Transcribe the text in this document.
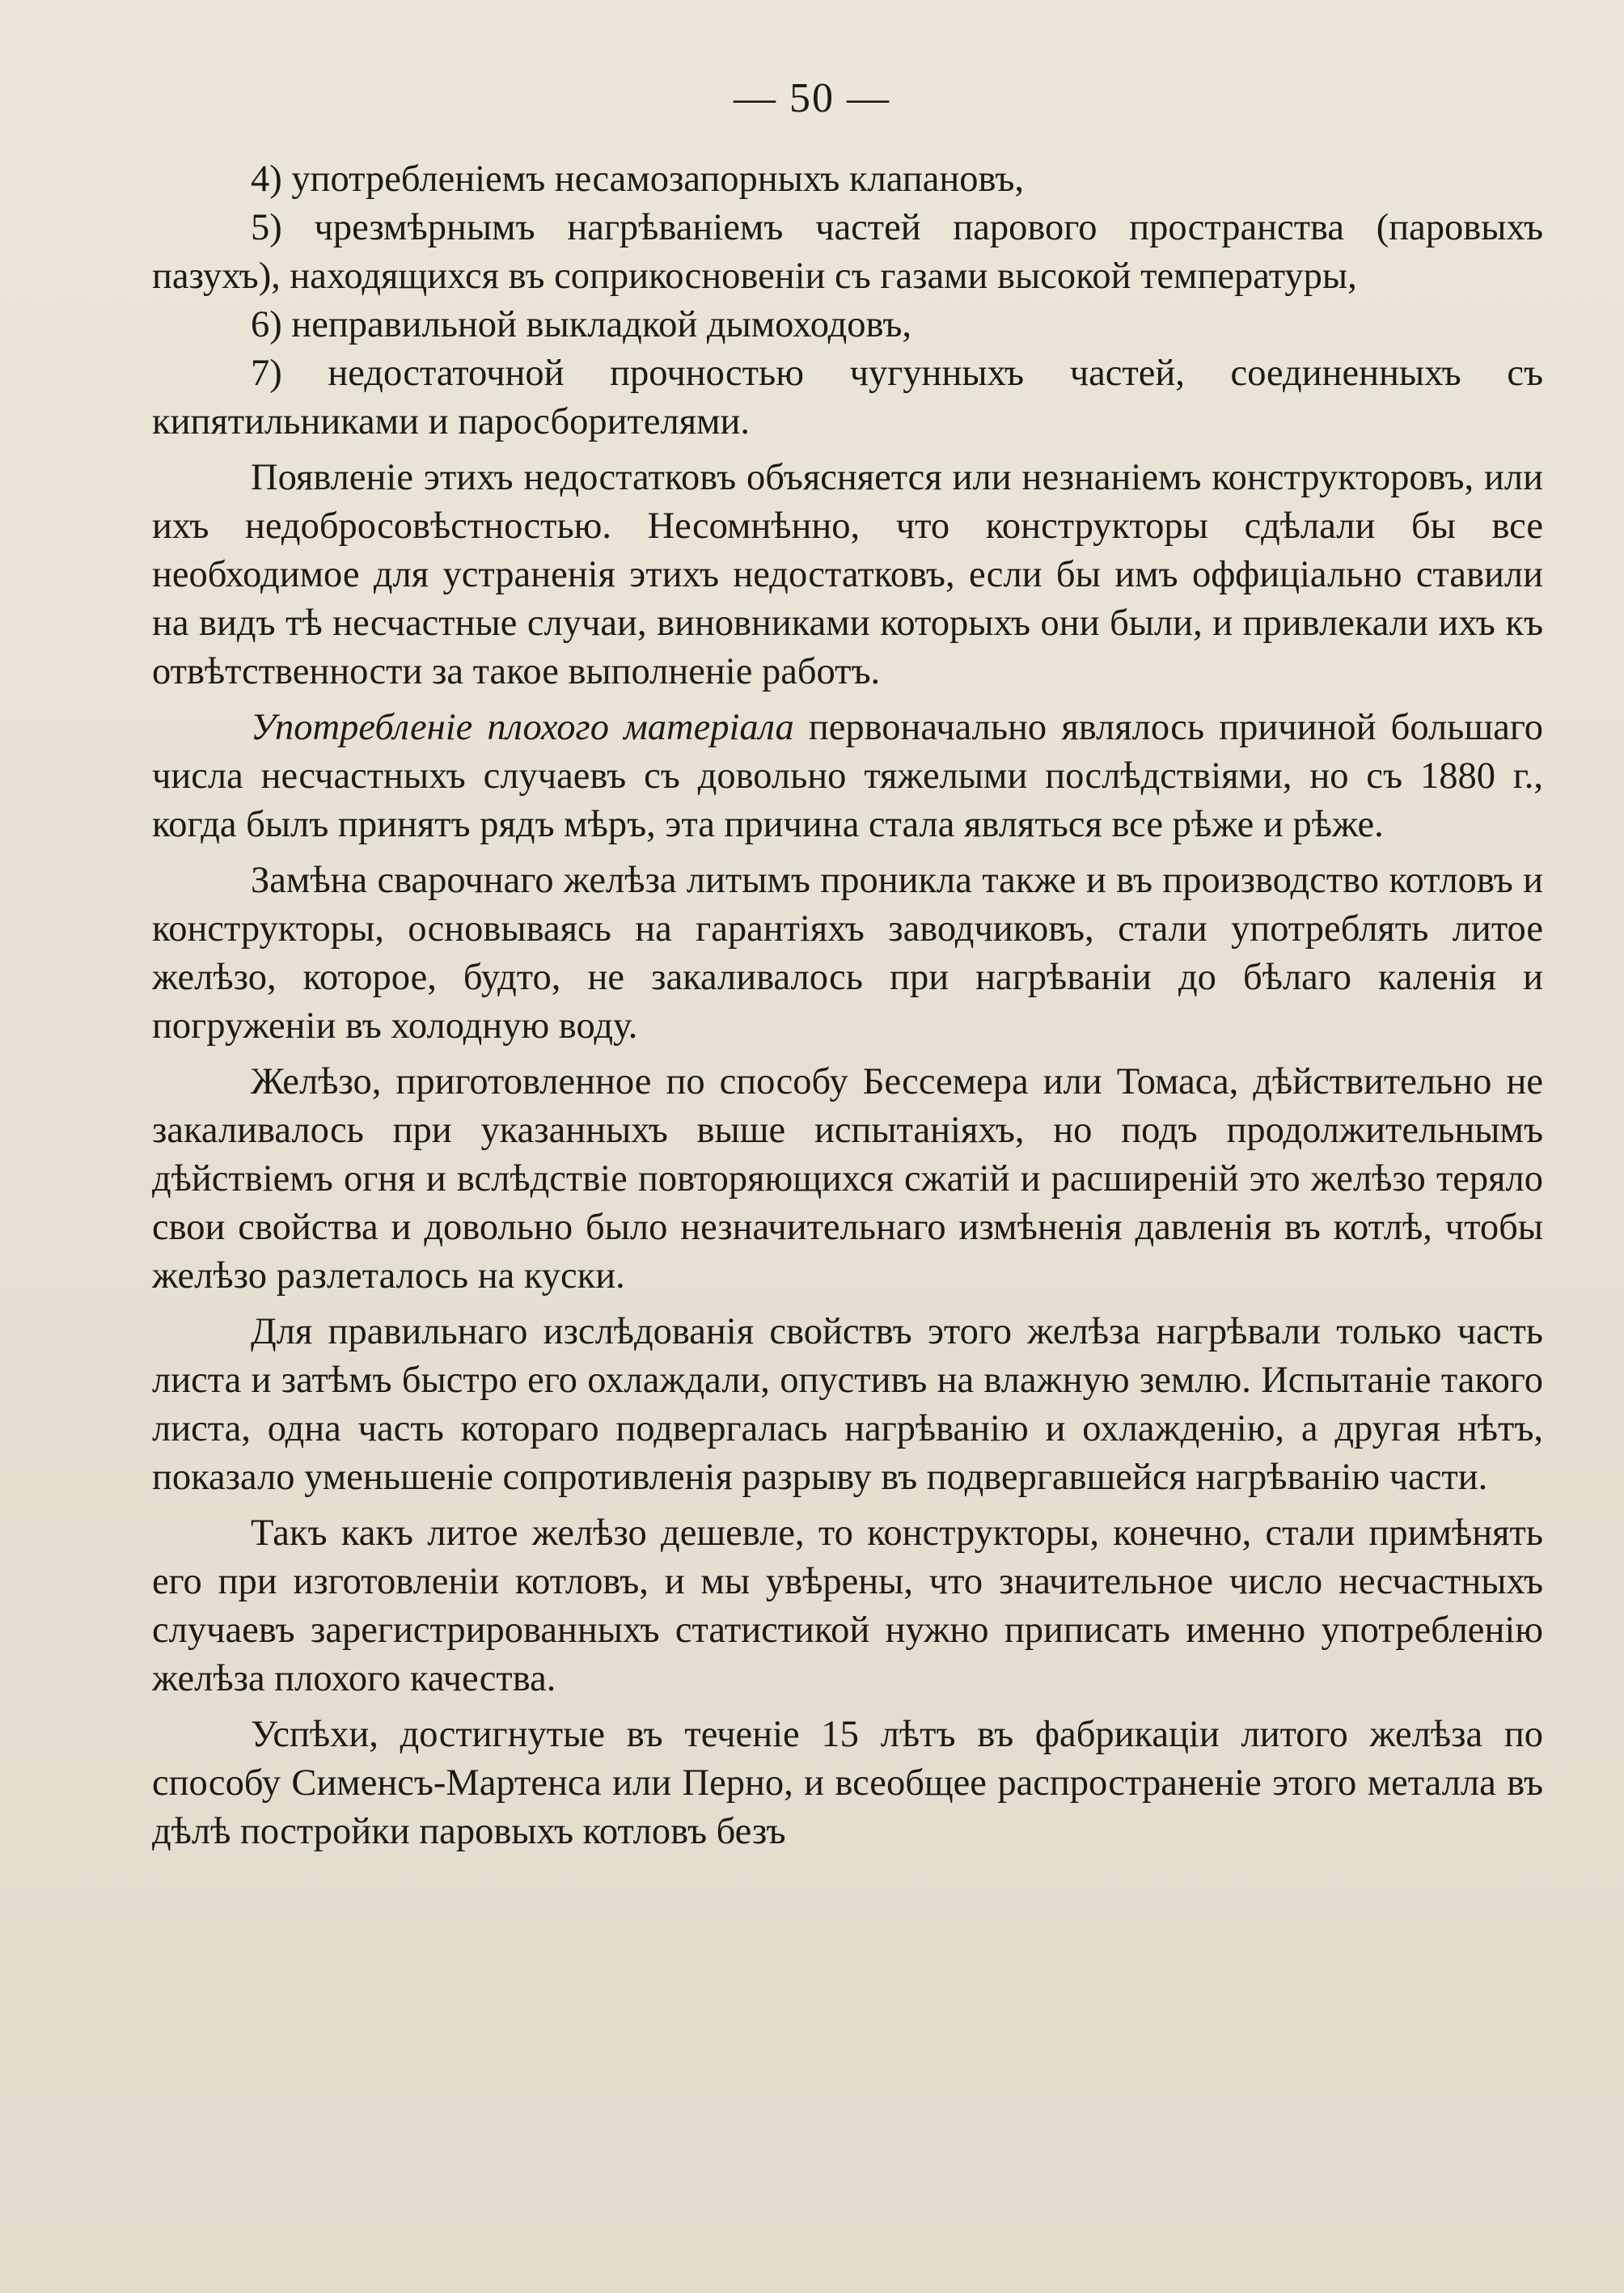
— 50 —

4) употребленіемъ несамозапорныхъ клапановъ,

5) чрезмѣрнымъ нагрѣваніемъ частей парового пространства (паровыхъ пазухъ), находящихся въ соприкосновеніи съ газами высокой температуры,

6) неправильной выкладкой дымоходовъ,

7) недостаточной прочностью чугунныхъ частей, соединенныхъ съ кипятильниками и паросборителями.

Появленіе этихъ недостатковъ объясняется или незнаніемъ конструкторовъ, или ихъ недобросовѣстностью. Несомнѣнно, что конструкторы сдѣлали бы все необходимое для устраненія этихъ недостатковъ, если бы имъ оффиціально ставили на видъ тѣ несчастные случаи, виновниками которыхъ они были, и привлекали ихъ къ отвѣтственности за такое выполненіе работъ.

Употребленіе плохого матеріала первоначально являлось причиной большаго числа несчастныхъ случаевъ съ довольно тяжелыми послѣдствіями, но съ 1880 г., когда былъ принятъ рядъ мѣръ, эта причина стала являться все рѣже и рѣже.

Замѣна сварочнаго желѣза литымъ проникла также и въ производство котловъ и конструкторы, основываясь на гарантіяхъ заводчиковъ, стали употреблять литое желѣзо, которое, будто, не закаливалось при нагрѣваніи до бѣлаго каленія и погруженіи въ холодную воду.

Желѣзо, приготовленное по способу Бессемера или Томаса, дѣйствительно не закаливалось при указанныхъ выше испытаніяхъ, но подъ продолжительнымъ дѣйствіемъ огня и вслѣдствіе повторяющихся сжатій и расширеній это желѣзо теряло свои свойства и довольно было незначительнаго измѣненія давленія въ котлѣ, чтобы желѣзо разлеталось на куски.

Для правильнаго изслѣдованія свойствъ этого желѣза нагрѣвали только часть листа и затѣмъ быстро его охлаждали, опустивъ на влажную землю. Испытаніе такого листа, одна часть котораго подвергалась нагрѣванію и охлажденію, а другая нѣтъ, показало уменьшеніе сопротивленія разрыву въ подвергавшейся нагрѣванію части.

Такъ какъ литое желѣзо дешевле, то конструкторы, конечно, стали примѣнять его при изготовленіи котловъ, и мы увѣрены, что значительное число несчастныхъ случаевъ зарегистрированныхъ статистикой нужно приписать именно употребленію желѣза плохого качества.

Успѣхи, достигнутые въ теченіе 15 лѣтъ въ фабрикаціи литого желѣза по способу Сименсъ-Мартенса или Перно, и всеобщее распространеніе этого металла въ дѣлѣ постройки паровыхъ котловъ безъ
